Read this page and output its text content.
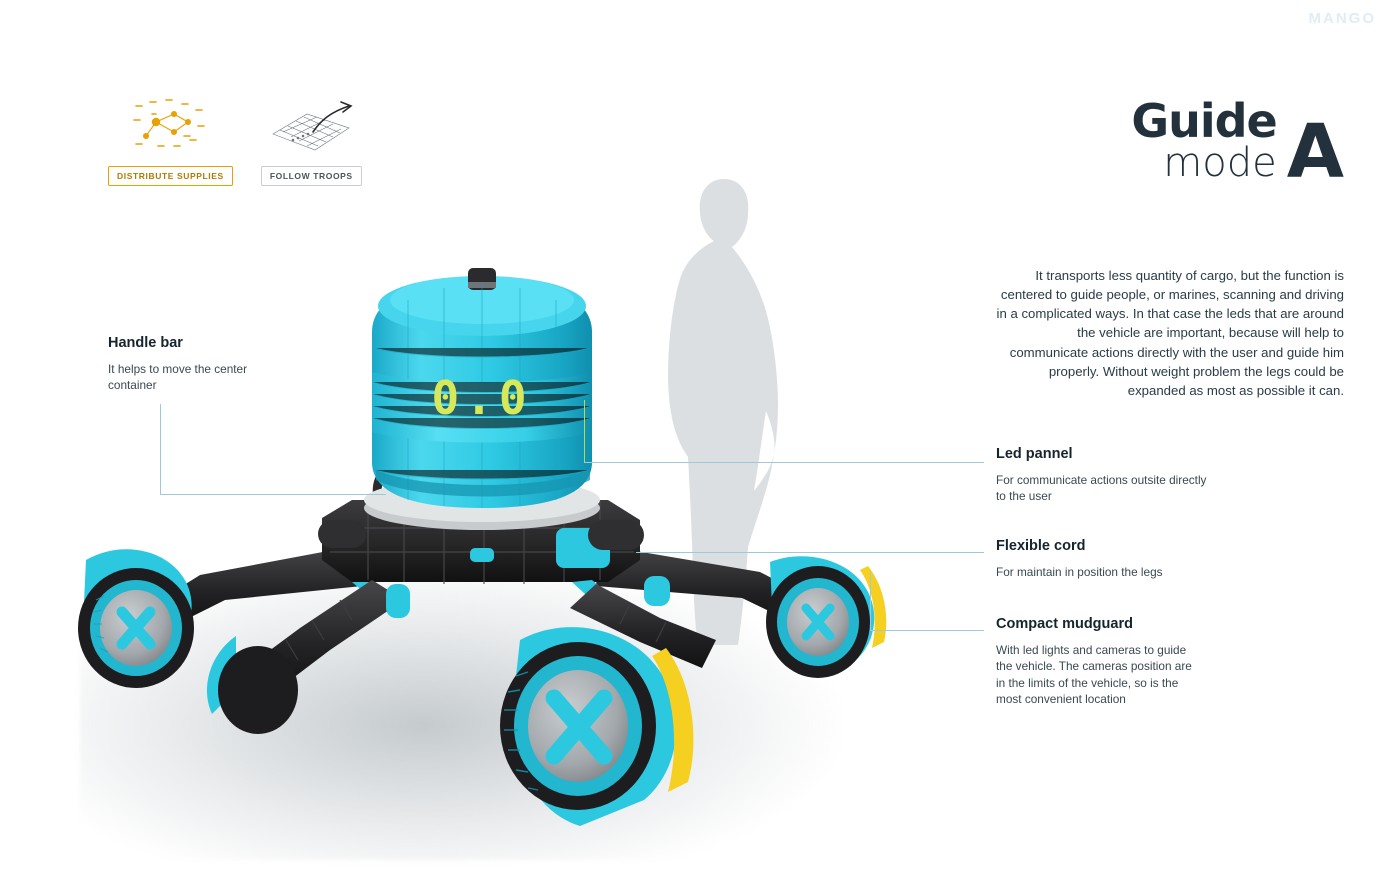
MANGO
DISTRIBUTE SUPPLIES	FOLLOW TROOPS
Guide
mode A
It transports less quantity of cargo, but the function is centered to guide people, or marines, scanning and driving in a complicated ways. In that case the leds that are around the vehicle are important, because will help to communicate actions directly with the user and guide him properly. Without weight problem the legs could be expanded as most as possible it can.
0.0
Handle bar

It helps to move the center container

Led pannel

For communicate actions outsite directly to the user

Flexible cord

For maintain in position the legs

Compact mudguard

With led lights and cameras to guide the vehicle. The cameras position are in the limits of the vehicle, so is the most convenient location
